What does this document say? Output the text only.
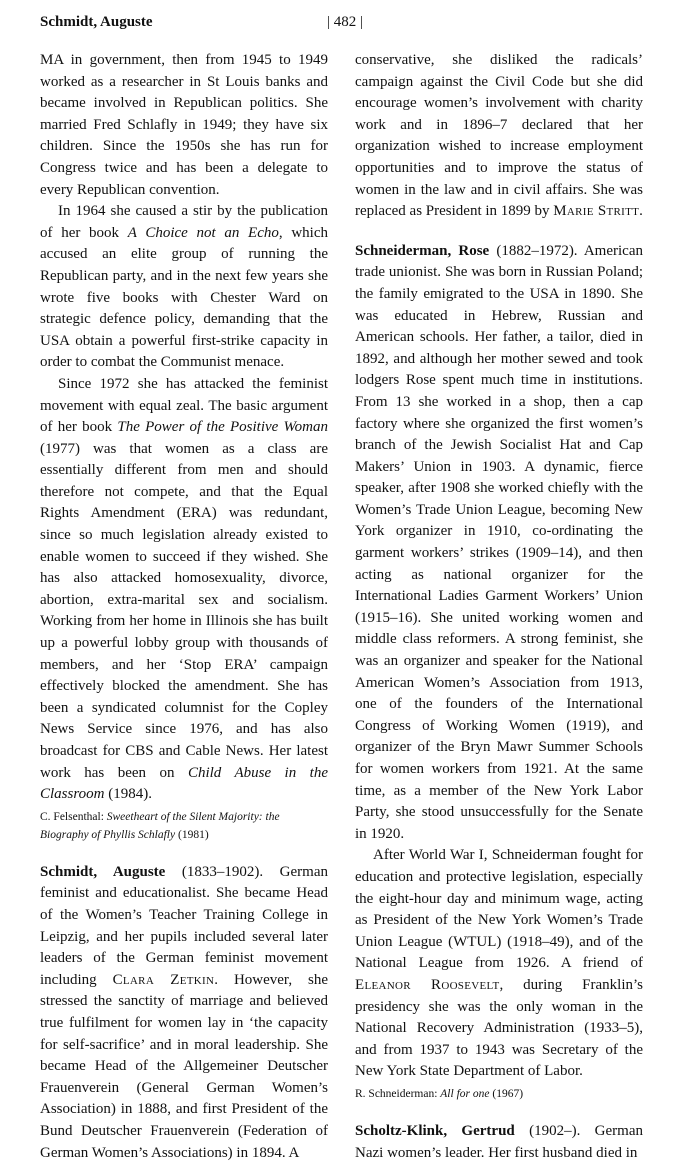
Schmidt, Auguste	| 482 |

MA in government, then from 1945 to 1949 worked as a researcher in St Louis banks and became involved in Republican politics. She married Fred Schlafly in 1949; they have six children. Since the 1950s she has run for Congress twice and has been a delegate to every Republican convention.

In 1964 she caused a stir by the publication of her book A Choice not an Echo, which accused an elite group of running the Republican party, and in the next few years she wrote five books with Chester Ward on strategic defence policy, demanding that the USA obtain a powerful first-strike capacity in order to combat the Communist menace.

Since 1972 she has attacked the feminist movement with equal zeal. The basic argument of her book The Power of the Positive Woman (1977) was that women as a class are essentially different from men and should therefore not compete, and that the Equal Rights Amendment (ERA) was redundant, since so much legislation already existed to enable women to succeed if they wished. She has also attacked homosexuality, divorce, abortion, extra-marital sex and socialism. Working from her home in Illinois she has built up a powerful lobby group with thousands of members, and her ‘Stop ERA’ campaign effectively blocked the amendment. She has been a syndicated columnist for the Copley News Service since 1976, and has also broadcast for CBS and Cable News. Her latest work has been on Child Abuse in the Classroom (1984).

C. Felsenthal: Sweetheart of the Silent Majority: the Biography of Phyllis Schlafly (1981)

Schmidt, Auguste (1833–1902). German feminist and educationalist. She became Head of the Women’s Teacher Training College in Leipzig, and her pupils included several later leaders of the German feminist movement including Clara Zetkin. However, she stressed the sanctity of marriage and believed true fulfilment for women lay in ‘the capacity for self-sacrifice’ and in moral leadership. She became Head of the Allgemeiner Deutscher Frauenverein (General German Women’s Association) in 1888, and first President of the Bund Deutscher Frauenverein (Federation of German Women’s Associations) in 1894. A

conservative, she disliked the radicals’ campaign against the Civil Code but she did encourage women’s involvement with charity work and in 1896–7 declared that her organization wished to increase employment opportunities and to improve the status of women in the law and in civil affairs. She was replaced as President in 1899 by Marie Stritt.

Schneiderman, Rose (1882–1972). American trade unionist. She was born in Russian Poland; the family emigrated to the USA in 1890. She was educated in Hebrew, Russian and American schools. Her father, a tailor, died in 1892, and although her mother sewed and took lodgers Rose spent much time in institutions. From 13 she worked in a shop, then a cap factory where she organized the first women’s branch of the Jewish Socialist Hat and Cap Makers’ Union in 1903. A dynamic, fierce speaker, after 1908 she worked chiefly with the Women’s Trade Union League, becoming New York organizer in 1910, co-ordinating the garment workers’ strikes (1909–14), and then acting as national organizer for the International Ladies Garment Workers’ Union (1915–16). She united working women and middle class reformers. A strong feminist, she was an organizer and speaker for the National American Women’s Association from 1913, one of the founders of the International Congress of Working Women (1919), and organizer of the Bryn Mawr Summer Schools for women workers from 1921. At the same time, as a member of the New York Labor Party, she stood unsuccessfully for the Senate in 1920.

After World War I, Schneiderman fought for education and protective legislation, especially the eight-hour day and minimum wage, acting as President of the New York Women’s Trade Union League (WTUL) (1918–49), and of the National League from 1926. A friend of Eleanor Roosevelt, during Franklin’s presidency she was the only woman in the National Recovery Administration (1933–5), and from 1937 to 1943 was Secretary of the New York State Department of Labor.

R. Schneiderman: All for one (1967)

Scholtz-Klink, Gertrud (1902–). German Nazi women’s leader. Her first husband died in
